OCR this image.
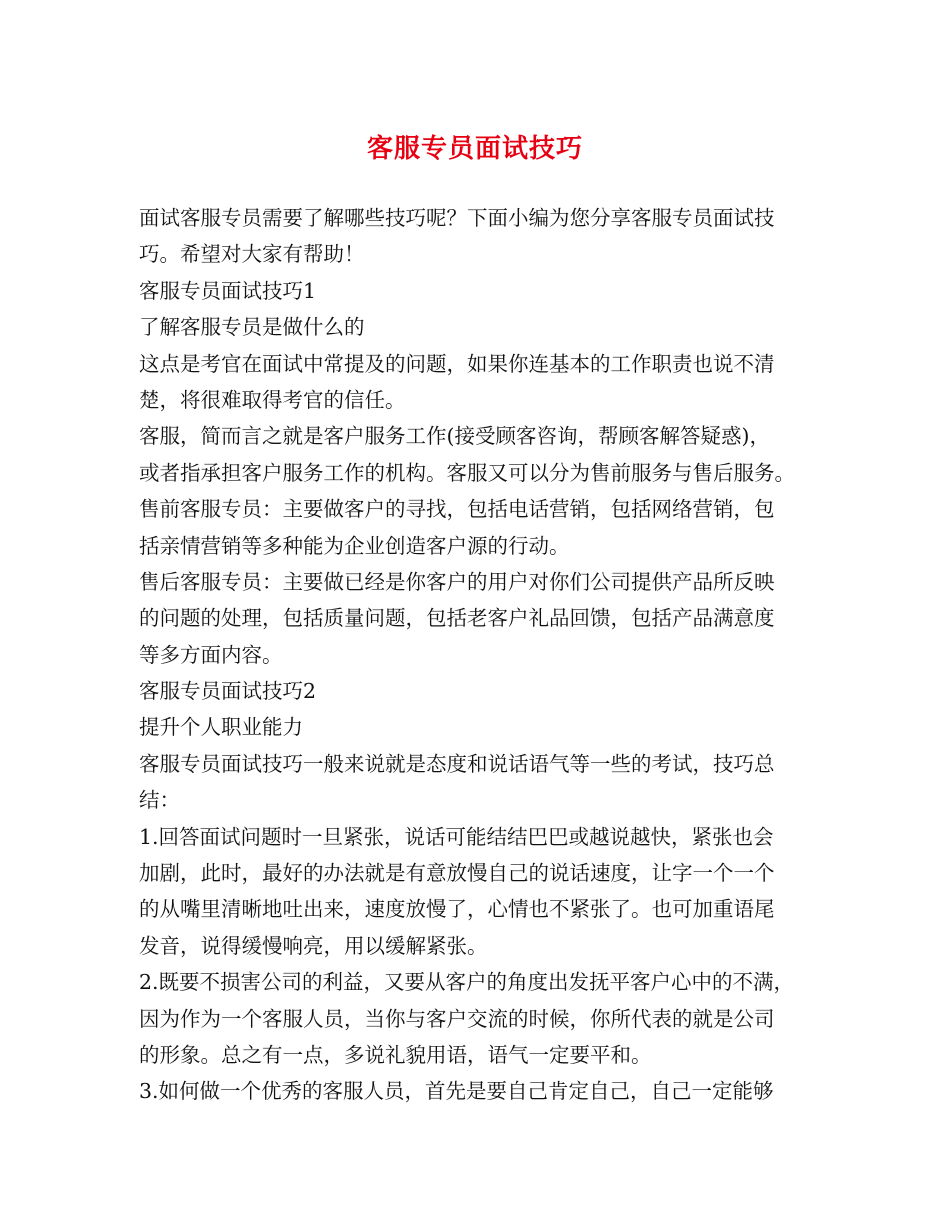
客服专员面试技巧
面试客服专员需要了解哪些技巧呢？下面小编为您分享客服专员面试技
巧。希望对大家有帮助！
客服专员面试技巧1
了解客服专员是做什么的
这点是考官在面试中常提及的问题，如果你连基本的工作职责也说不清
楚，将很难取得考官的信任。
客服，简而言之就是客户服务工作(接受顾客咨询，帮顾客解答疑惑)，
或者指承担客户服务工作的机构。客服又可以分为售前服务与售后服务。
售前客服专员：主要做客户的寻找，包括电话营销，包括网络营销，包
括亲情营销等多种能为企业创造客户源的行动。
售后客服专员：主要做已经是你客户的用户对你们公司提供产品所反映
的问题的处理，包括质量问题，包括老客户礼品回馈，包括产品满意度
等多方面内容。
客服专员面试技巧2
提升个人职业能力
客服专员面试技巧一般来说就是态度和说话语气等一些的考试，技巧总
结：
1.回答面试问题时一旦紧张，说话可能结结巴巴或越说越快，紧张也会
加剧，此时，最好的办法就是有意放慢自己的说话速度，让字一个一个
的从嘴里清晰地吐出来，速度放慢了，心情也不紧张了。也可加重语尾
发音，说得缓慢响亮，用以缓解紧张。
2.既要不损害公司的利益，又要从客户的角度出发抚平客户心中的不满，
因为作为一个客服人员，当你与客户交流的时候，你所代表的就是公司
的形象。总之有一点，多说礼貌用语，语气一定要平和。
3.如何做一个优秀的客服人员，首先是要自己肯定自己，自己一定能够
